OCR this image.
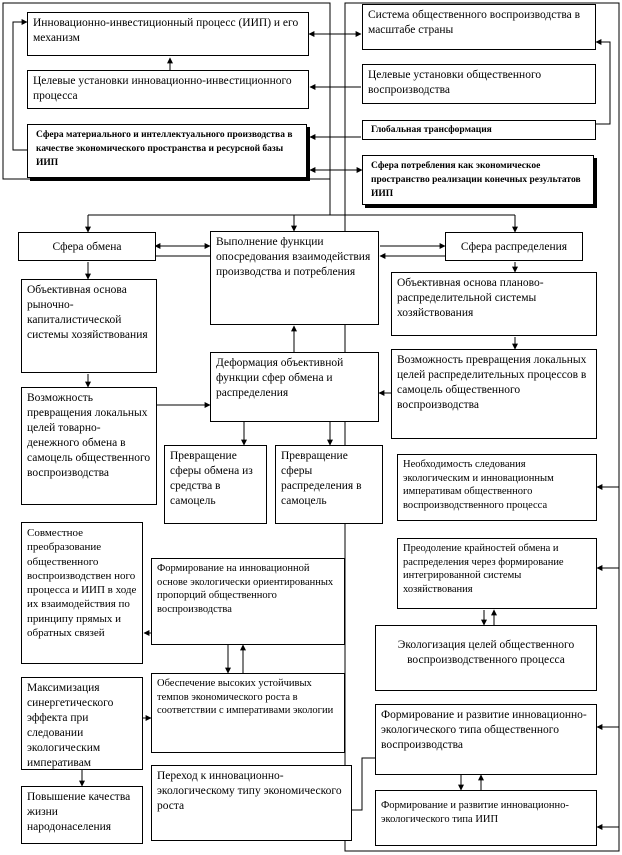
Инновационно-инвестиционный процесс (ИИП) и его механизм
Система общественного воспроизводства в масштабе страны
Целевые установки инновационно-инвестиционного процесса
Целевые установки общественного воспроизводства
Сфера материального и интеллектуального производства в качестве экономического пространства и ресурсной базы ИИП
Глобальная трансформация
Сфера потребления как экономическое пространство реализации конечных результатов ИИП
Сфера обмена	Выполнение функции опосредования взаимодействия производства и потребления
Сфера распределения
Объективная основа рыночно-капиталистической системы хозяйствования
Объективная основа планово-распределительной системы хозяйствования
Деформация объективной функции сфер обмена и распределения
Возможность превращения локальных целей товарно-денежного обмена в самоцель общественного воспроизводства
Возможность превращения локальных целей распределительных процессов в самоцель общественного воспроизводства
Превращение сферы обмена из средства в самоцель
Превращение сферы распределения в самоцель
Необходимость следования экологическим и инновационным императивам общественного воспроизводственного процесса
Совместное преобразование общественного воспроизводствен ного процесса и ИИП в ходе их взаимодействия по принципу прямых и обратных связей
Формирование на инновационной основе экологически ориентированных пропорций общественного воспроизводства
Преодоление крайностей обмена и распределения через формирование интегрированной системы хозяйствования
Экологизация целей общественного воспроизводственного процесса
Максимизация синергетического эффекта при следовании экологическим императивам
Обеспечение высоких устойчивых темпов экономического роста в соответствии с императивами экологии	Формирование и развитие инновационно-экологического типа общественного воспроизводства
Переход к инновационно-экологическому типу экономического роста
Повышение качества жизни народонаселения
Формирование и развитие инновационно-экологического типа ИИП
